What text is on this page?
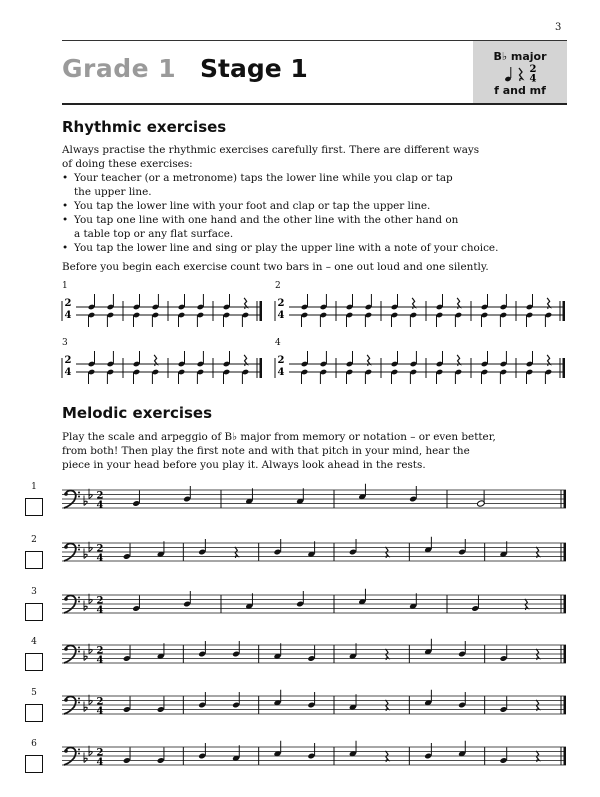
3
Grade 1 Stage 1	B♭ major
2
4
f and mf
Rhythmic exercises

Always practise the rhythmic exercises carefully first. There are different ways
of doing these exercises:

• Your teacher (or a metronome) taps the lower line while you clap or tap
the upper line.
• You tap the lower line with your foot and clap or tap the upper line.
• You tap one line with one hand and the other line with the other hand on
a table top or any flat surface.
• You tap the lower line and sing or play the upper line with a note of your choice.

Before you begin each exercise count two bars in – one out loud and one silently.

1	2
3	4
2
4
2
4
2
4
2
4
Melodic exercises

Play the scale and arpeggio of B♭ major from memory or notation – or even better,
from both! Then play the first note and with that pitch in your mind, hear the
piece in your head before you play it. Always look ahead in the rests.

1
2
3
4
5
6
2
4
2
4
2
4
2
4
2
4
2
4
